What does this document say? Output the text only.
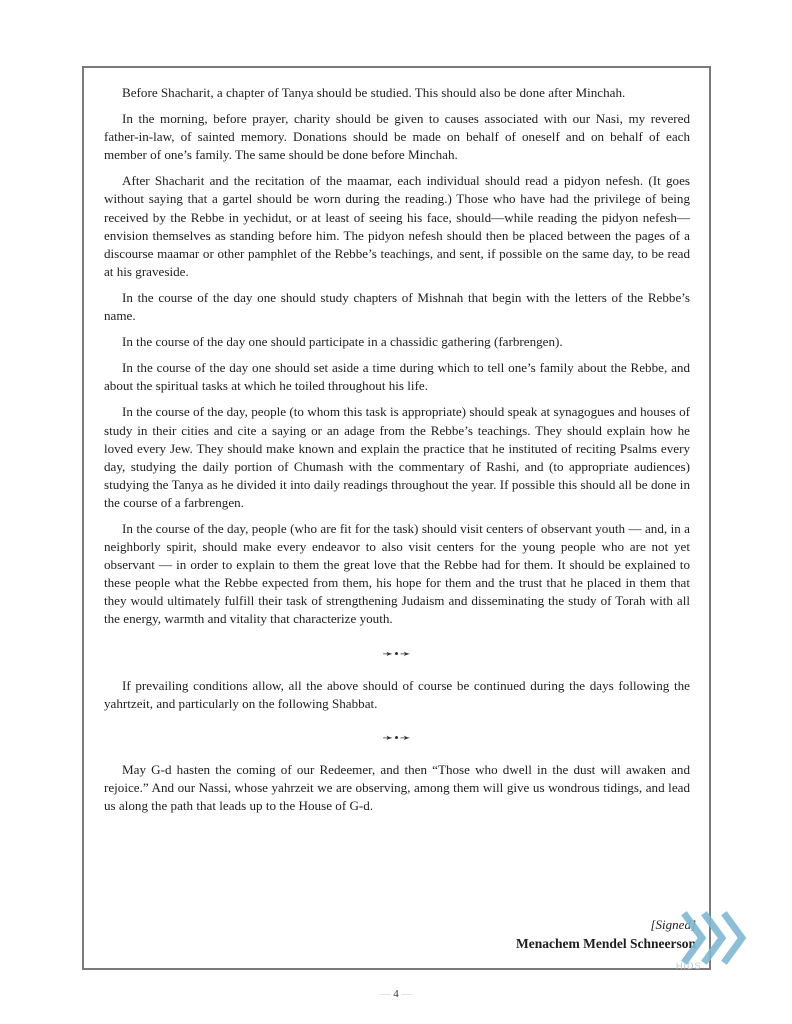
Before Shacharit, a chapter of Tanya should be studied. This should also be done after Minchah.

In the morning, before prayer, charity should be given to causes associated with our Nasi, my revered father-in-law, of sainted memory. Donations should be made on behalf of oneself and on behalf of each member of one’s family. The same should be done before Minchah.

After Shacharit and the recitation of the maamar, each individual should read a pidyon nefesh. (It goes without saying that a gartel should be worn during the reading.) Those who have had the privilege of being received by the Rebbe in yechidut, or at least of seeing his face, should—while reading the pidyon nefesh—envision themselves as standing before him. The pidyon nefesh should then be placed between the pages of a discourse maamar or other pamphlet of the Rebbe’s teachings, and sent, if possible on the same day, to be read at his graveside.

In the course of the day one should study chapters of Mishnah that begin with the letters of the Rebbe’s name.

In the course of the day one should participate in a chassidic gathering (farbrengen).

In the course of the day one should set aside a time during which to tell one’s family about the Rebbe, and about the spiritual tasks at which he toiled throughout his life.

In the course of the day, people (to whom this task is appropriate) should speak at synagogues and houses of study in their cities and cite a saying or an adage from the Rebbe’s teachings. They should explain how he loved every Jew. They should make known and explain the practice that he instituted of reciting Psalms every day, studying the daily portion of Chumash with the commentary of Rashi, and (to appropriate audiences) studying the Tanya as he divided it into daily readings throughout the year. If possible this should all be done in the course of a farbrengen.

In the course of the day, people (who are fit for the task) should visit centers of observant youth — and, in a neighborly spirit, should make every endeavor to also visit centers for the young people who are not yet observant — in order to explain to them the great love that the Rebbe had for them. It should be explained to these people what the Rebbe expected from them, his hope for them and the trust that he placed in them that they would ultimately fulfill their task of strengthening Judaism and disseminating the study of Torah with all the energy, warmth and vitality that characterize youth.

➛•➛

If prevailing conditions allow, all the above should of course be continued during the days following the yahrtzeit, and particularly on the following Shabbat.

➛•➛

May G-d hasten the coming of our Redeemer, and then “Those who dwell in the dust will awaken and rejoice.” And our Nassi, whose yahrzeit we are observing, among them will give us wondrous tidings, and lead us along the path that leads up to the House of G-d.

[Signed]
Menachem Mendel Schneerson
HIDS
— 4 —
